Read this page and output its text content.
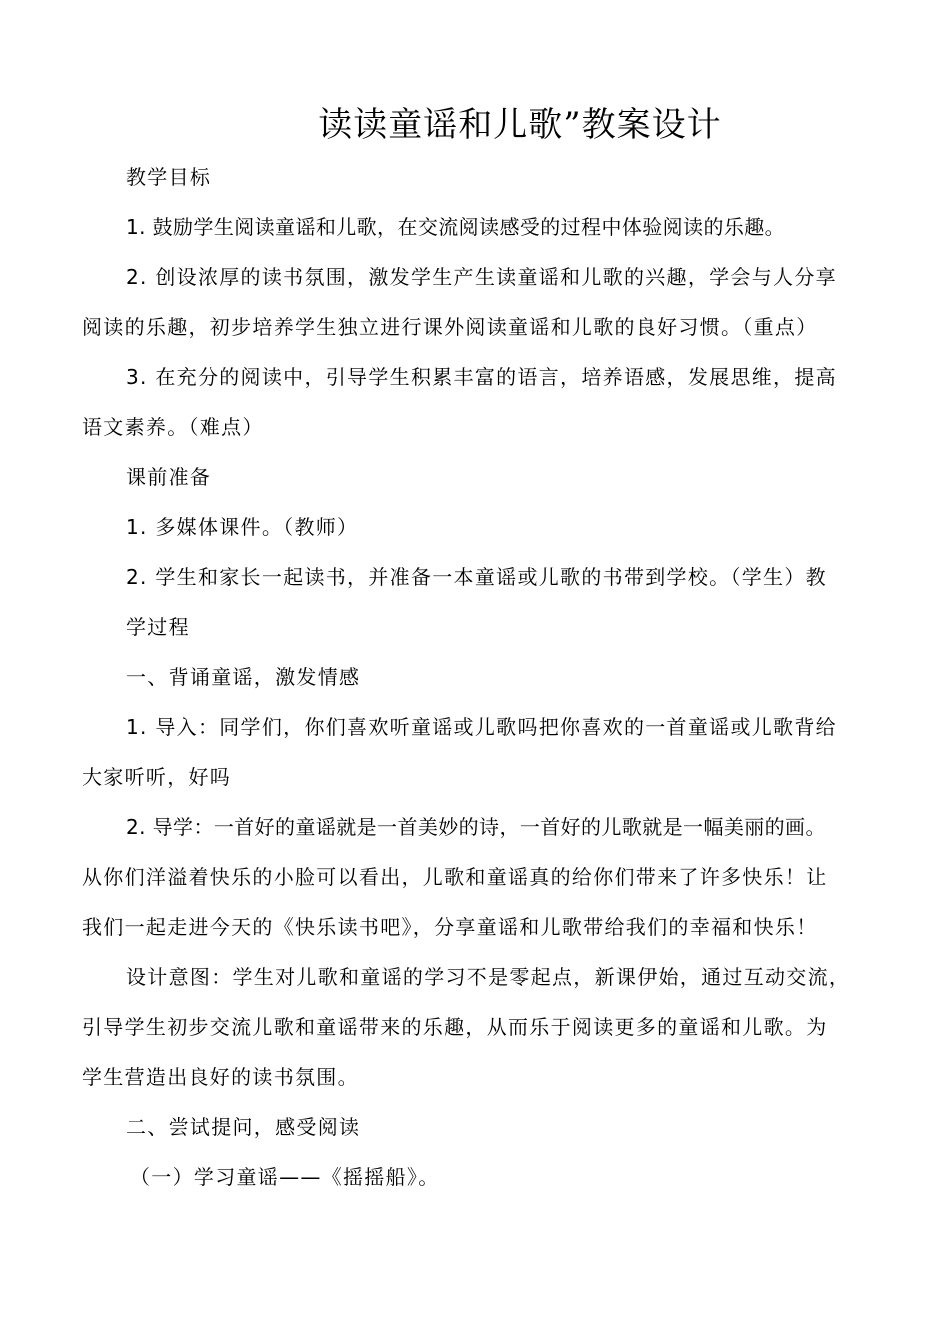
读读童谣和儿歌”教案设计

教学目标

1. 鼓励学生阅读童谣和儿歌，在交流阅读感受的过程中体验阅读的乐趣。

2. 创设浓厚的读书氛围，激发学生产生读童谣和儿歌的兴趣，学会与人分享

阅读的乐趣，初步培养学生独立进行课外阅读童谣和儿歌的良好习惯。（重点）

3. 在充分的阅读中，引导学生积累丰富的语言，培养语感，发展思维，提高

语文素养。（难点）

课前准备

1. 多媒体课件。（教师）

2. 学生和家长一起读书，并准备一本童谣或儿歌的书带到学校。（学生）教

学过程

一、背诵童谣，激发情感

1. 导入：同学们，你们喜欢听童谣或儿歌吗把你喜欢的一首童谣或儿歌背给

大家听听，好吗

2. 导学：一首好的童谣就是一首美妙的诗，一首好的儿歌就是一幅美丽的画。

从你们洋溢着快乐的小脸可以看出，儿歌和童谣真的给你们带来了许多快乐！让

我们一起走进今天的《快乐读书吧》，分享童谣和儿歌带给我们的幸福和快乐！

设计意图：学生对儿歌和童谣的学习不是零起点，新课伊始，通过互动交流，

引导学生初步交流儿歌和童谣带来的乐趣，从而乐于阅读更多的童谣和儿歌。为

学生营造出良好的读书氛围。

二、尝试提问，感受阅读

（一）学习童谣——《摇摇船》。
